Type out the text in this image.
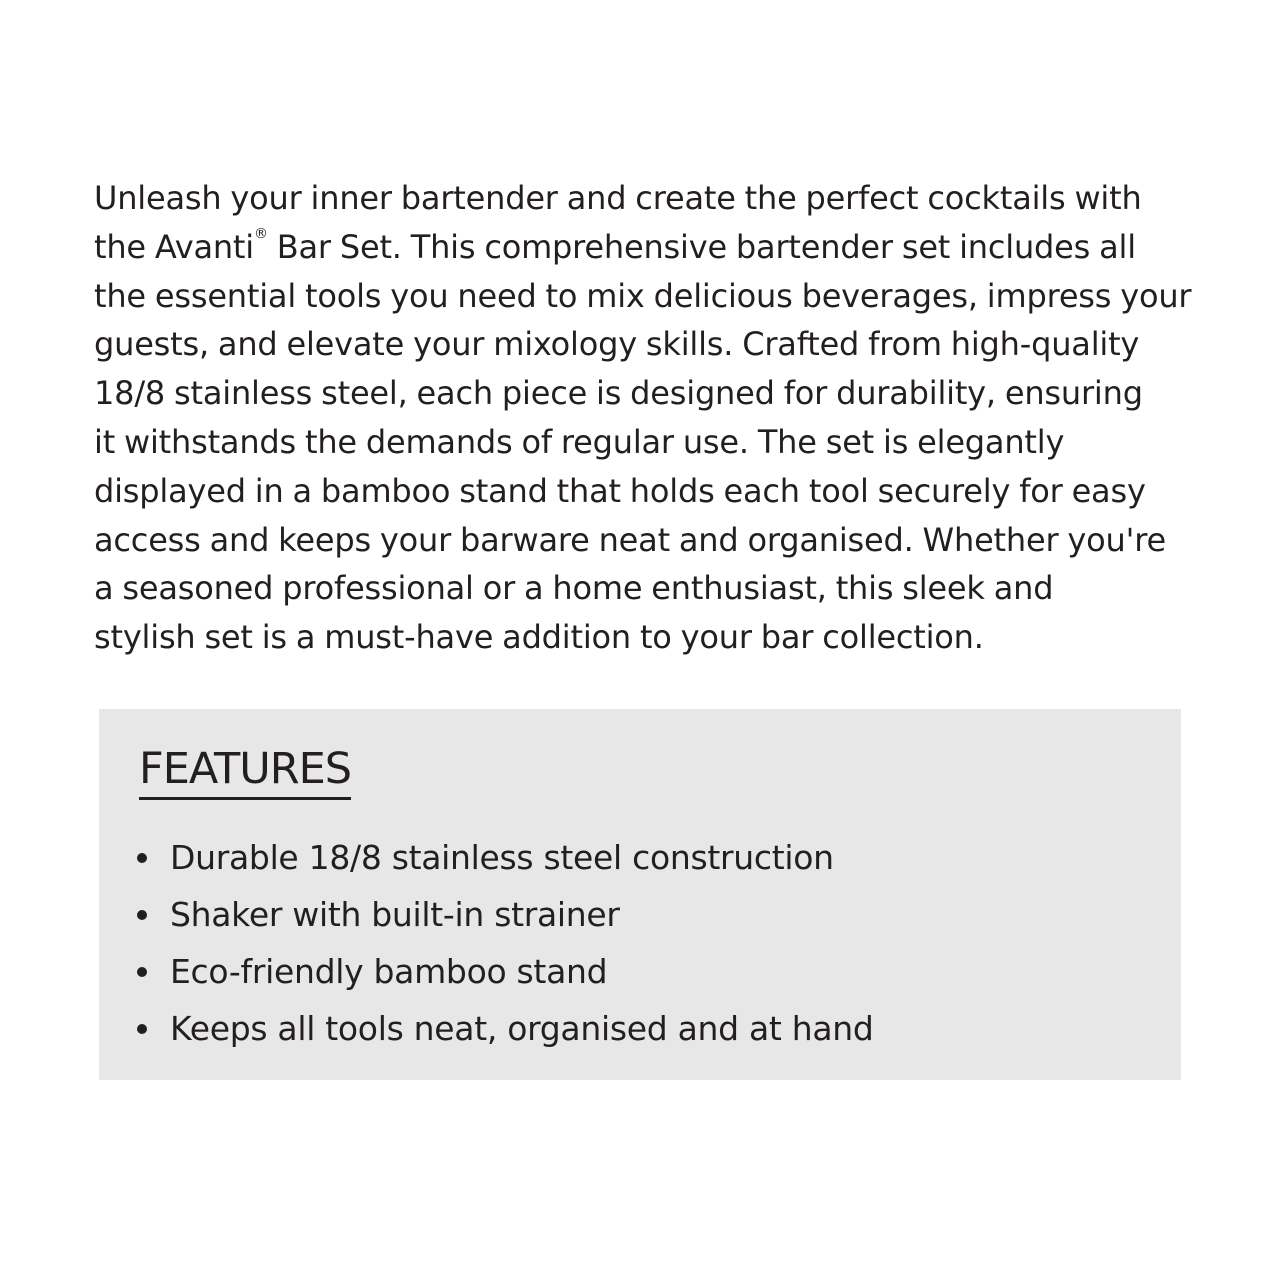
Unleash your inner bartender and create the perfect cocktails with
the Avanti® Bar Set. This comprehensive bartender set includes all
the essential tools you need to mix delicious beverages, impress your
guests, and elevate your mixology skills. Crafted from high-quality
18/8 stainless steel, each piece is designed for durability, ensuring
it withstands the demands of regular use. The set is elegantly
displayed in a bamboo stand that holds each tool securely for easy
access and keeps your barware neat and organised. Whether you're
a seasoned professional or a home enthusiast, this sleek and
stylish set is a must-have addition to your bar collection.

FEATURES
Durable 18/8 stainless steel construction
Shaker with built-in strainer
Eco-friendly bamboo stand
Keeps all tools neat, organised and at hand
